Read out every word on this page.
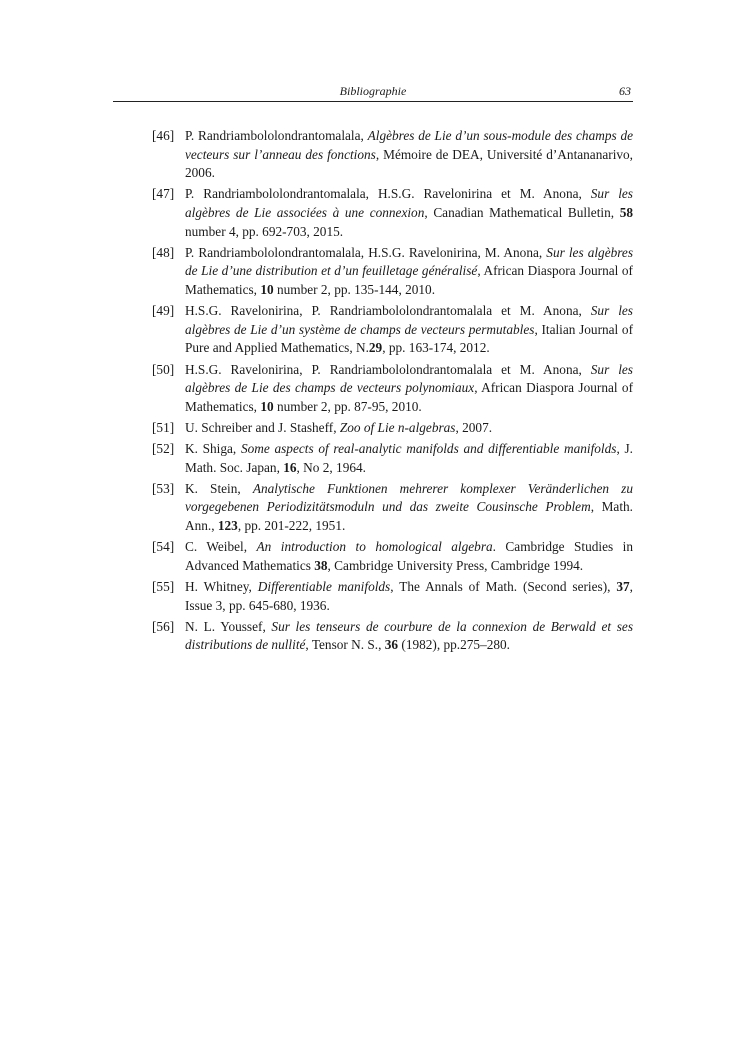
Bibliographie	63
[46] P. Randriambololondrantomalala, Algèbres de Lie d’un sous-module des champs de vecteurs sur l’anneau des fonctions, Mémoire de DEA, Université d’Antananarivo, 2006.
[47] P. Randriambololondrantomalala, H.S.G. Ravelonirina et M. Anona, Sur les algèbres de Lie associées à une connexion, Canadian Mathematical Bulletin, 58 number 4, pp. 692-703, 2015.
[48] P. Randriambololondrantomalala, H.S.G. Ravelonirina, M. Anona, Sur les algèbres de Lie d’une distribution et d’un feuilletage généralisé, African Diaspora Journal of Mathematics, 10 number 2, pp. 135-144, 2010.
[49] H.S.G. Ravelonirina, P. Randriambololondrantomalala et M. Anona, Sur les algèbres de Lie d’un système de champs de vecteurs permutables, Italian Journal of Pure and Applied Mathematics, N.29, pp. 163-174, 2012.
[50] H.S.G. Ravelonirina, P. Randriambololondrantomalala et M. Anona, Sur les algèbres de Lie des champs de vecteurs polynomiaux, African Diaspora Journal of Mathematics, 10 number 2, pp. 87-95, 2010.
[51] U. Schreiber and J. Stasheff, Zoo of Lie n-algebras, 2007.
[52] K. Shiga, Some aspects of real-analytic manifolds and differentiable manifolds, J. Math. Soc. Japan, 16, No 2, 1964.
[53] K. Stein, Analytische Funktionen mehrerer komplexer Veränderlichen zu vorgegebenen Periodizitätsmoduln und das zweite Cousinsche Problem, Math. Ann., 123, pp. 201-222, 1951.
[54] C. Weibel, An introduction to homological algebra. Cambridge Studies in Advanced Mathematics 38, Cambridge University Press, Cambridge 1994.
[55] H. Whitney, Differentiable manifolds, The Annals of Math. (Second series), 37, Issue 3, pp. 645-680, 1936.
[56] N. L. Youssef, Sur les tenseurs de courbure de la connexion de Berwald et ses distributions de nullité, Tensor N. S., 36 (1982), pp.275–280.
